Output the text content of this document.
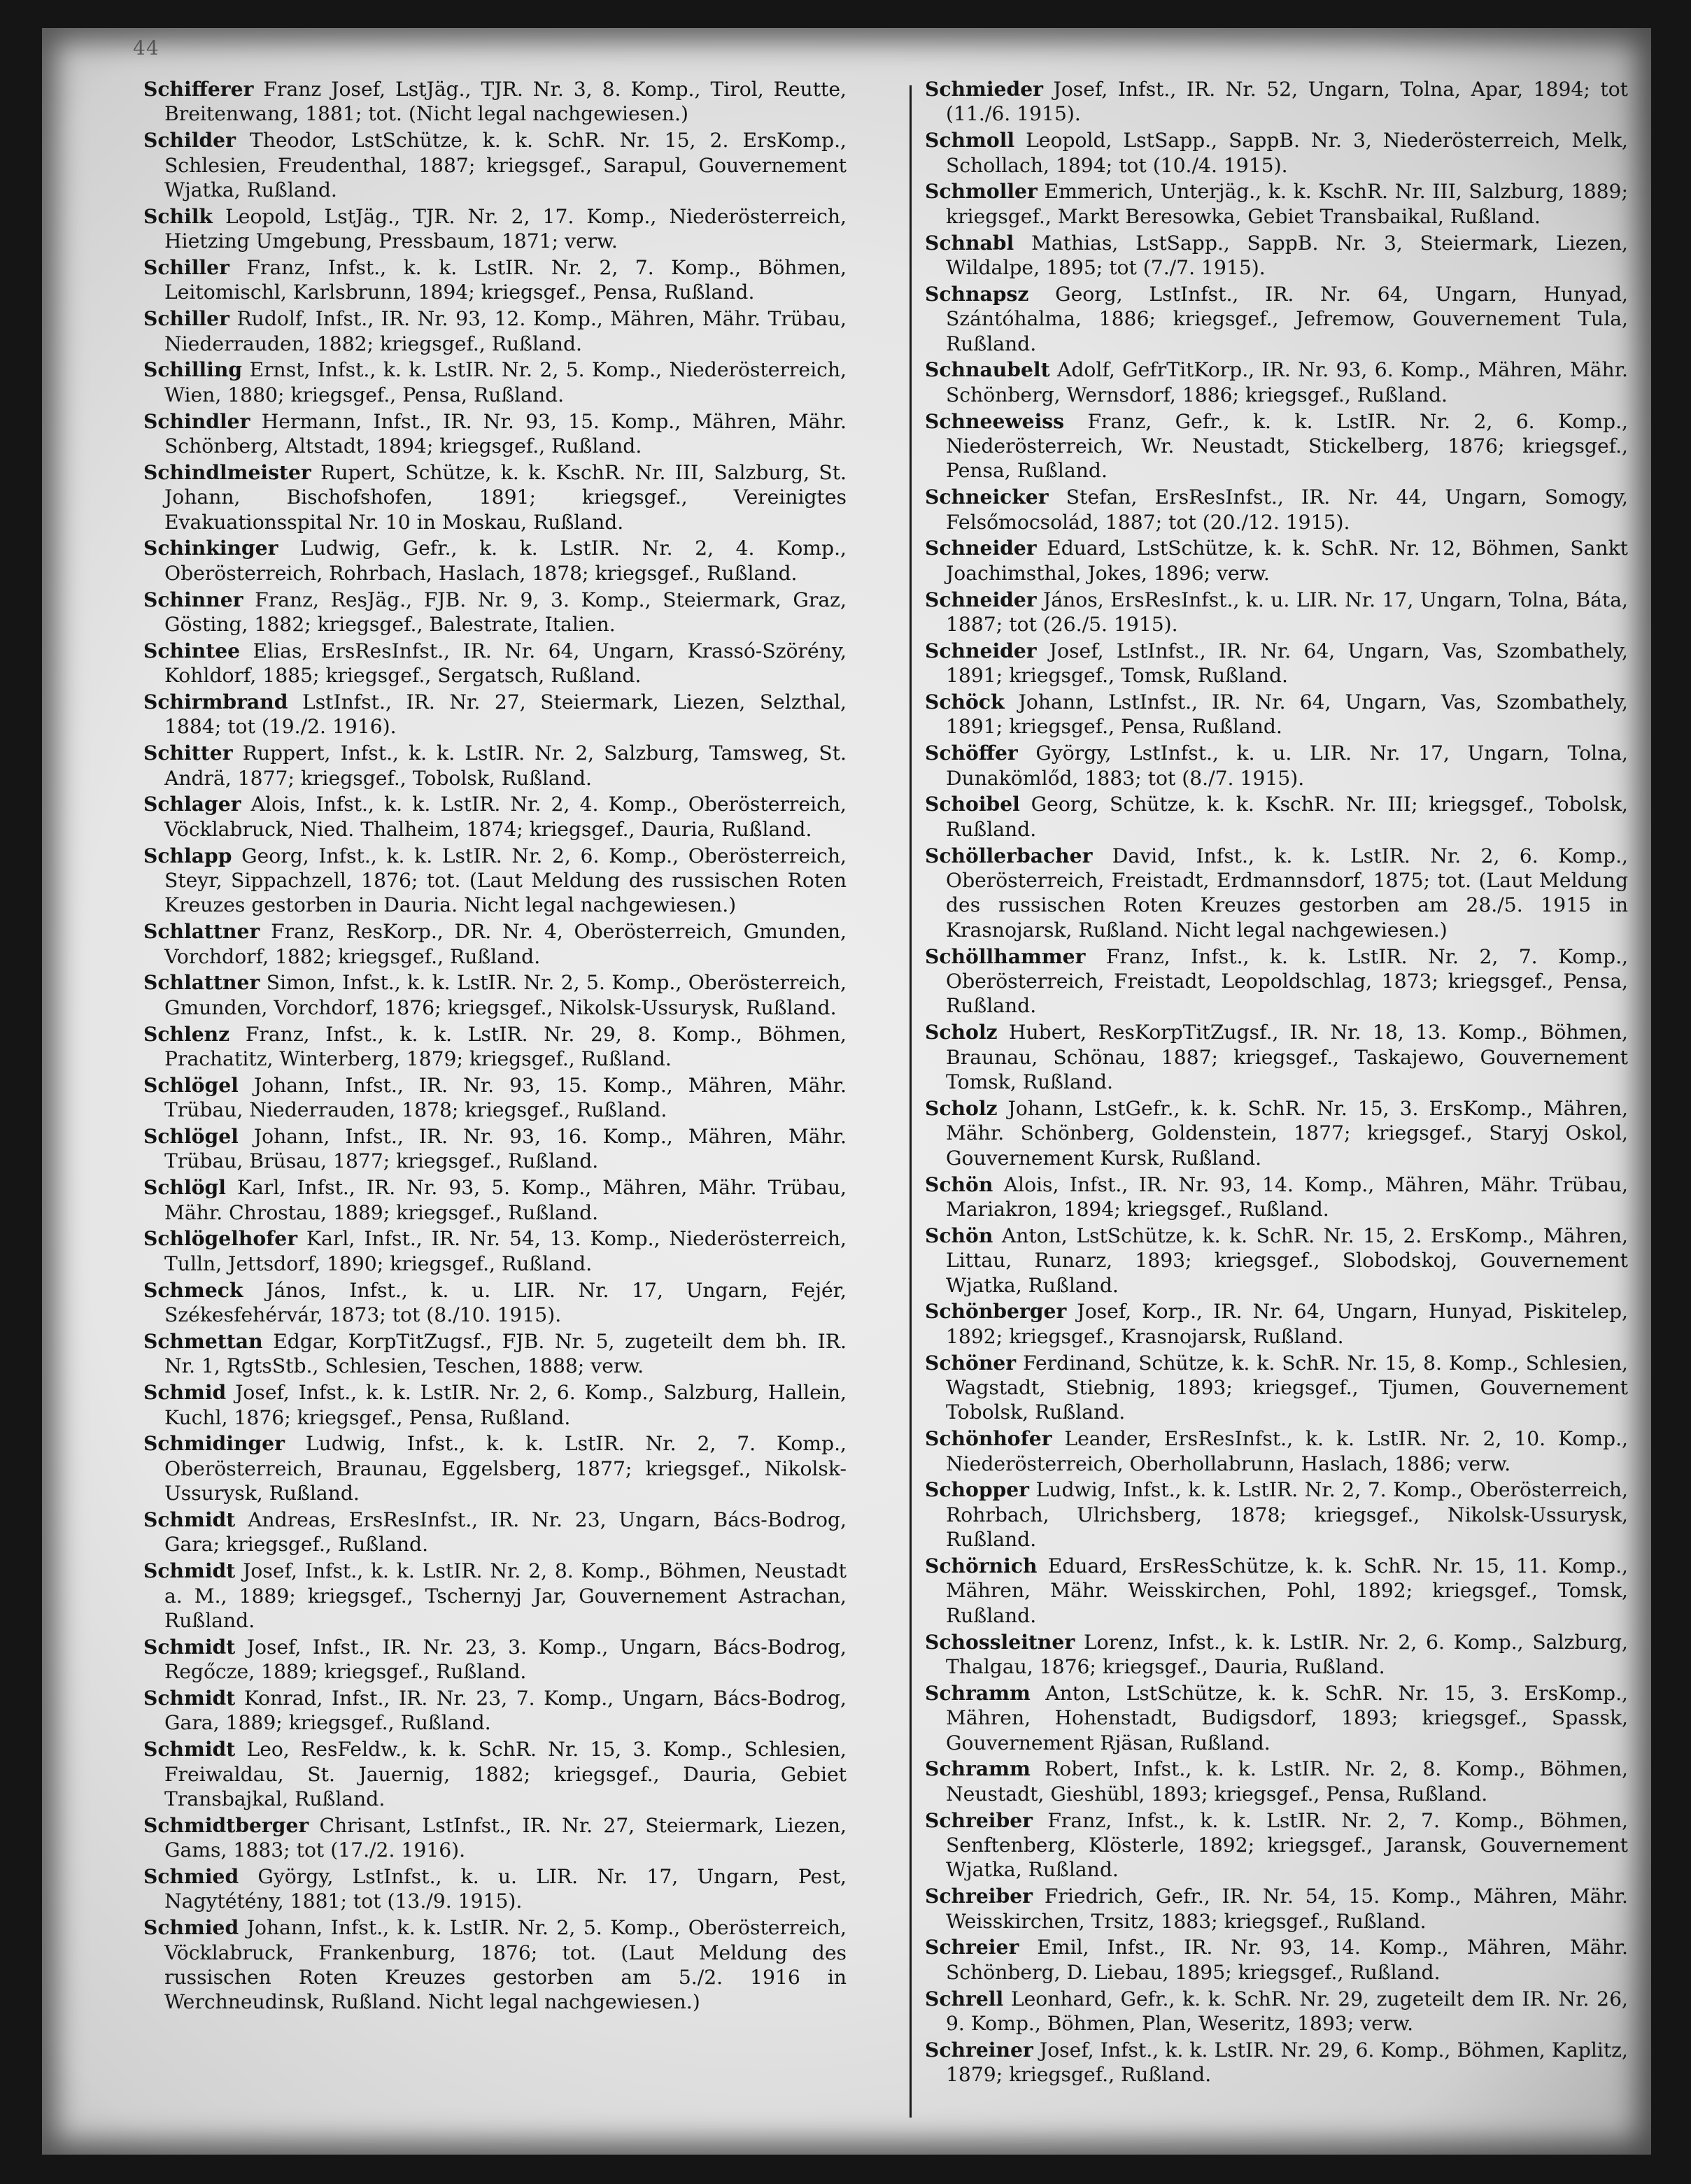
44

Schifferer Franz Josef, LstJäg., TJR. Nr. 3, 8. Komp., Tirol, Reutte, Breitenwang, 1881; tot. (Nicht legal nachgewiesen.)

Schilder Theodor, LstSchütze, k. k. SchR. Nr. 15, 2. ErsKomp., Schlesien, Freudenthal, 1887; kriegsgef., Sarapul, Gouvernement Wjatka, Rußland.

Schilk Leopold, LstJäg., TJR. Nr. 2, 17. Komp., Niederösterreich, Hietzing Umgebung, Pressbaum, 1871; verw.

Schiller Franz, Infst., k. k. LstIR. Nr. 2, 7. Komp., Böhmen, Leitomischl, Karlsbrunn, 1894; kriegsgef., Pensa, Rußland.

Schiller Rudolf, Infst., IR. Nr. 93, 12. Komp., Mähren, Mähr. Trübau, Niederrauden, 1882; kriegsgef., Rußland.

Schilling Ernst, Infst., k. k. LstIR. Nr. 2, 5. Komp., Niederösterreich, Wien, 1880; kriegsgef., Pensa, Rußland.

Schindler Hermann, Infst., IR. Nr. 93, 15. Komp., Mähren, Mähr. Schönberg, Altstadt, 1894; kriegsgef., Rußland.

Schindlmeister Rupert, Schütze, k. k. KschR. Nr. III, Salzburg, St. Johann, Bischofshofen, 1891; kriegsgef., Vereinigtes Evakuationsspital Nr. 10 in Moskau, Rußland.

Schinkinger Ludwig, Gefr., k. k. LstIR. Nr. 2, 4. Komp., Oberösterreich, Rohrbach, Haslach, 1878; kriegsgef., Rußland.

Schinner Franz, ResJäg., FJB. Nr. 9, 3. Komp., Steiermark, Graz, Gösting, 1882; kriegsgef., Balestrate, Italien.

Schintee Elias, ErsResInfst., IR. Nr. 64, Ungarn, Krassó-Szörény, Kohldorf, 1885; kriegsgef., Sergatsch, Rußland.

Schirmbrand LstInfst., IR. Nr. 27, Steiermark, Liezen, Selzthal, 1884; tot (19./2. 1916).

Schitter Ruppert, Infst., k. k. LstIR. Nr. 2, Salzburg, Tamsweg, St. Andrä, 1877; kriegsgef., Tobolsk, Rußland.

Schlager Alois, Infst., k. k. LstIR. Nr. 2, 4. Komp., Oberösterreich, Vöcklabruck, Nied. Thalheim, 1874; kriegsgef., Dauria, Rußland.

Schlapp Georg, Infst., k. k. LstIR. Nr. 2, 6. Komp., Oberösterreich, Steyr, Sippachzell, 1876; tot. (Laut Meldung des russischen Roten Kreuzes gestorben in Dauria. Nicht legal nachgewiesen.)

Schlattner Franz, ResKorp., DR. Nr. 4, Oberösterreich, Gmunden, Vorchdorf, 1882; kriegsgef., Rußland.

Schlattner Simon, Infst., k. k. LstIR. Nr. 2, 5. Komp., Oberösterreich, Gmunden, Vorchdorf, 1876; kriegsgef., Nikolsk-Ussurysk, Rußland.

Schlenz Franz, Infst., k. k. LstIR. Nr. 29, 8. Komp., Böhmen, Prachatitz, Winterberg, 1879; kriegsgef., Rußland.

Schlögel Johann, Infst., IR. Nr. 93, 15. Komp., Mähren, Mähr. Trübau, Niederrauden, 1878; kriegsgef., Rußland.

Schlögel Johann, Infst., IR. Nr. 93, 16. Komp., Mähren, Mähr. Trübau, Brüsau, 1877; kriegsgef., Rußland.

Schlögl Karl, Infst., IR. Nr. 93, 5. Komp., Mähren, Mähr. Trübau, Mähr. Chrostau, 1889; kriegsgef., Rußland.

Schlögelhofer Karl, Infst., IR. Nr. 54, 13. Komp., Niederösterreich, Tulln, Jettsdorf, 1890; kriegsgef., Rußland.

Schmeck János, Infst., k. u. LIR. Nr. 17, Ungarn, Fejér, Székesfehérvár, 1873; tot (8./10. 1915).

Schmettan Edgar, KorpTitZugsf., FJB. Nr. 5, zugeteilt dem bh. IR. Nr. 1, RgtsStb., Schlesien, Teschen, 1888; verw.

Schmid Josef, Infst., k. k. LstIR. Nr. 2, 6. Komp., Salzburg, Hallein, Kuchl, 1876; kriegsgef., Pensa, Rußland.

Schmidinger Ludwig, Infst., k. k. LstIR. Nr. 2, 7. Komp., Oberösterreich, Braunau, Eggelsberg, 1877; kriegsgef., Nikolsk-Ussurysk, Rußland.

Schmidt Andreas, ErsResInfst., IR. Nr. 23, Ungarn, Bács-Bodrog, Gara; kriegsgef., Rußland.

Schmidt Josef, Infst., k. k. LstIR. Nr. 2, 8. Komp., Böhmen, Neustadt a. M., 1889; kriegsgef., Tschernyj Jar, Gouvernement Astrachan, Rußland.

Schmidt Josef, Infst., IR. Nr. 23, 3. Komp., Ungarn, Bács-Bodrog, Regőcze, 1889; kriegsgef., Rußland.

Schmidt Konrad, Infst., IR. Nr. 23, 7. Komp., Ungarn, Bács-Bodrog, Gara, 1889; kriegsgef., Rußland.

Schmidt Leo, ResFeldw., k. k. SchR. Nr. 15, 3. Komp., Schlesien, Freiwaldau, St. Jauernig, 1882; kriegsgef., Dauria, Gebiet Transbajkal, Rußland.

Schmidtberger Chrisant, LstInfst., IR. Nr. 27, Steiermark, Liezen, Gams, 1883; tot (17./2. 1916).

Schmied György, LstInfst., k. u. LIR. Nr. 17, Ungarn, Pest, Nagytétény, 1881; tot (13./9. 1915).

Schmied Johann, Infst., k. k. LstIR. Nr. 2, 5. Komp., Oberösterreich, Vöcklabruck, Frankenburg, 1876; tot. (Laut Meldung des russischen Roten Kreuzes gestorben am 5./2. 1916 in Werchneudinsk, Rußland. Nicht legal nachgewiesen.)

Schmieder Josef, Infst., IR. Nr. 52, Ungarn, Tolna, Apar, 1894; tot (11./6. 1915).

Schmoll Leopold, LstSapp., SappB. Nr. 3, Niederösterreich, Melk, Schollach, 1894; tot (10./4. 1915).

Schmoller Emmerich, Unterjäg., k. k. KschR. Nr. III, Salzburg, 1889; kriegsgef., Markt Beresowka, Gebiet Transbaikal, Rußland.

Schnabl Mathias, LstSapp., SappB. Nr. 3, Steiermark, Liezen, Wildalpe, 1895; tot (7./7. 1915).

Schnapsz Georg, LstInfst., IR. Nr. 64, Ungarn, Hunyad, Szántóhalma, 1886; kriegsgef., Jefremow, Gouvernement Tula, Rußland.

Schnaubelt Adolf, GefrTitKorp., IR. Nr. 93, 6. Komp., Mähren, Mähr. Schönberg, Wernsdorf, 1886; kriegsgef., Rußland.

Schneeweiss Franz, Gefr., k. k. LstIR. Nr. 2, 6. Komp., Niederösterreich, Wr. Neustadt, Stickelberg, 1876; kriegsgef., Pensa, Rußland.

Schneicker Stefan, ErsResInfst., IR. Nr. 44, Ungarn, Somogy, Felsőmocsolád, 1887; tot (20./12. 1915).

Schneider Eduard, LstSchütze, k. k. SchR. Nr. 12, Böhmen, Sankt Joachimsthal, Jokes, 1896; verw.

Schneider János, ErsResInfst., k. u. LIR. Nr. 17, Ungarn, Tolna, Báta, 1887; tot (26./5. 1915).

Schneider Josef, LstInfst., IR. Nr. 64, Ungarn, Vas, Szombathely, 1891; kriegsgef., Tomsk, Rußland.

Schöck Johann, LstInfst., IR. Nr. 64, Ungarn, Vas, Szombathely, 1891; kriegsgef., Pensa, Rußland.

Schöffer György, LstInfst., k. u. LIR. Nr. 17, Ungarn, Tolna, Dunakömlőd, 1883; tot (8./7. 1915).

Schoibel Georg, Schütze, k. k. KschR. Nr. III; kriegsgef., Tobolsk, Rußland.

Schöllerbacher David, Infst., k. k. LstIR. Nr. 2, 6. Komp., Oberösterreich, Freistadt, Erdmannsdorf, 1875; tot. (Laut Meldung des russischen Roten Kreuzes gestorben am 28./5. 1915 in Krasnojarsk, Rußland. Nicht legal nachgewiesen.)

Schöllhammer Franz, Infst., k. k. LstIR. Nr. 2, 7. Komp., Oberösterreich, Freistadt, Leopoldschlag, 1873; kriegsgef., Pensa, Rußland.

Scholz Hubert, ResKorpTitZugsf., IR. Nr. 18, 13. Komp., Böhmen, Braunau, Schönau, 1887; kriegsgef., Taskajewo, Gouvernement Tomsk, Rußland.

Scholz Johann, LstGefr., k. k. SchR. Nr. 15, 3. ErsKomp., Mähren, Mähr. Schönberg, Goldenstein, 1877; kriegsgef., Staryj Oskol, Gouvernement Kursk, Rußland.

Schön Alois, Infst., IR. Nr. 93, 14. Komp., Mähren, Mähr. Trübau, Mariakron, 1894; kriegsgef., Rußland.

Schön Anton, LstSchütze, k. k. SchR. Nr. 15, 2. ErsKomp., Mähren, Littau, Runarz, 1893; kriegsgef., Slobodskoj, Gouvernement Wjatka, Rußland.

Schönberger Josef, Korp., IR. Nr. 64, Ungarn, Hunyad, Piskitelep, 1892; kriegsgef., Krasnojarsk, Rußland.

Schöner Ferdinand, Schütze, k. k. SchR. Nr. 15, 8. Komp., Schlesien, Wagstadt, Stiebnig, 1893; kriegsgef., Tjumen, Gouvernement Tobolsk, Rußland.

Schönhofer Leander, ErsResInfst., k. k. LstIR. Nr. 2, 10. Komp., Niederösterreich, Oberhollabrunn, Haslach, 1886; verw.

Schopper Ludwig, Infst., k. k. LstIR. Nr. 2, 7. Komp., Oberösterreich, Rohrbach, Ulrichsberg, 1878; kriegsgef., Nikolsk-Ussurysk, Rußland.

Schörnich Eduard, ErsResSchütze, k. k. SchR. Nr. 15, 11. Komp., Mähren, Mähr. Weisskirchen, Pohl, 1892; kriegsgef., Tomsk, Rußland.

Schossleitner Lorenz, Infst., k. k. LstIR. Nr. 2, 6. Komp., Salzburg, Thalgau, 1876; kriegsgef., Dauria, Rußland.

Schramm Anton, LstSchütze, k. k. SchR. Nr. 15, 3. ErsKomp., Mähren, Hohenstadt, Budigsdorf, 1893; kriegsgef., Spassk, Gouvernement Rjäsan, Rußland.

Schramm Robert, Infst., k. k. LstIR. Nr. 2, 8. Komp., Böhmen, Neustadt, Gieshübl, 1893; kriegsgef., Pensa, Rußland.

Schreiber Franz, Infst., k. k. LstIR. Nr. 2, 7. Komp., Böhmen, Senftenberg, Klösterle, 1892; kriegsgef., Jaransk, Gouvernement Wjatka, Rußland.

Schreiber Friedrich, Gefr., IR. Nr. 54, 15. Komp., Mähren, Mähr. Weisskirchen, Trsitz, 1883; kriegsgef., Rußland.

Schreier Emil, Infst., IR. Nr. 93, 14. Komp., Mähren, Mähr. Schönberg, D. Liebau, 1895; kriegsgef., Rußland.

Schrell Leonhard, Gefr., k. k. SchR. Nr. 29, zugeteilt dem IR. Nr. 26, 9. Komp., Böhmen, Plan, Weseritz, 1893; verw.

Schreiner Josef, Infst., k. k. LstIR. Nr. 29, 6. Komp., Böhmen, Kaplitz, 1879; kriegsgef., Rußland.
